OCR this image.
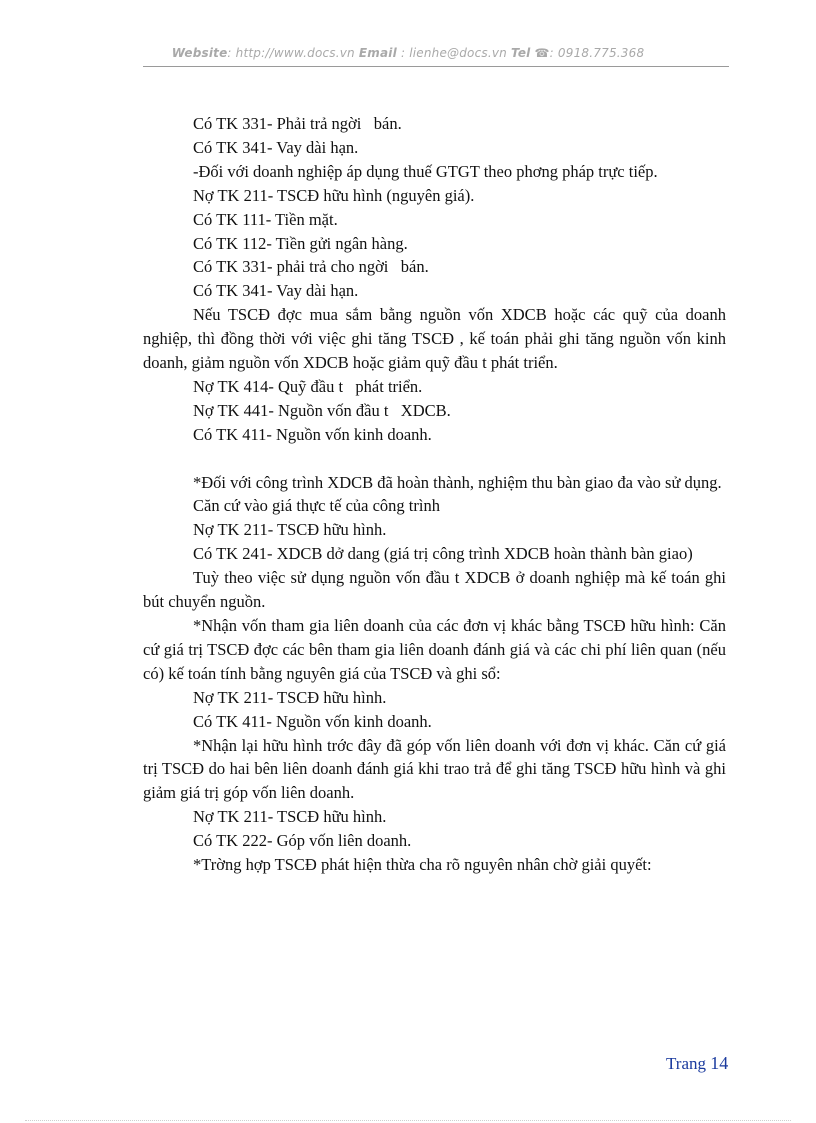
Website: http://www.docs.vn Email : lienhe@docs.vn Tel ☎: 0918.775.368

Có TK 331- Phải trả ngời   bán.

Có TK 341- Vay dài hạn.

-Đối với doanh nghiệp áp dụng thuế GTGT theo phơng pháp trực tiếp.

Nợ TK 211- TSCĐ hữu hình (nguyên giá).

Có TK 111- Tiền mặt.

Có TK 112- Tiền gửi ngân hàng.

Có TK 331- phải trả cho ngời   bán.

Có TK 341- Vay dài hạn.

Nếu TSCĐ đợc mua sắm bằng nguồn vốn XDCB hoặc các quỹ của doanh nghiệp, thì đồng thời với việc ghi tăng TSCĐ , kế toán phải ghi tăng nguồn vốn kinh doanh, giảm nguồn vốn XDCB hoặc giảm quỹ đầu t phát triển.

Nợ TK 414- Quỹ đầu t   phát triển.

Nợ TK 441- Nguồn vốn đầu t   XDCB.

Có TK 411- Nguồn vốn kinh doanh.

*Đối với công trình XDCB đã hoàn thành, nghiệm thu bàn giao đa vào sử dụng.

Căn cứ vào giá thực tế của công trình

Nợ TK 211- TSCĐ hữu hình.

Có TK 241- XDCB dở dang (giá trị công trình XDCB hoàn thành bàn giao)

Tuỳ theo việc sử dụng nguồn vốn đầu t XDCB ở doanh nghiệp mà kế toán ghi bút chuyển nguồn.

*Nhận vốn tham gia liên doanh của các đơn vị khác bằng TSCĐ hữu hình: Căn cứ giá trị TSCĐ đợc các bên tham gia liên doanh đánh giá và các chi phí liên quan (nếu có) kế toán tính bằng nguyên giá của TSCĐ và ghi sổ:

Nợ TK 211- TSCĐ hữu hình.

Có TK 411- Nguồn vốn kinh doanh.

*Nhận lại hữu hình trớc đây đã góp vốn liên doanh với đơn vị khác. Căn cứ giá trị TSCĐ do hai bên liên doanh đánh giá khi trao trả để ghi tăng TSCĐ hữu hình và ghi giảm giá trị góp vốn liên doanh.

Nợ TK 211- TSCĐ hữu hình.

Có TK 222- Góp vốn liên doanh.

*Trờng hợp TSCĐ phát hiện thừa cha rõ nguyên nhân chờ giải quyết:

Trang 14
